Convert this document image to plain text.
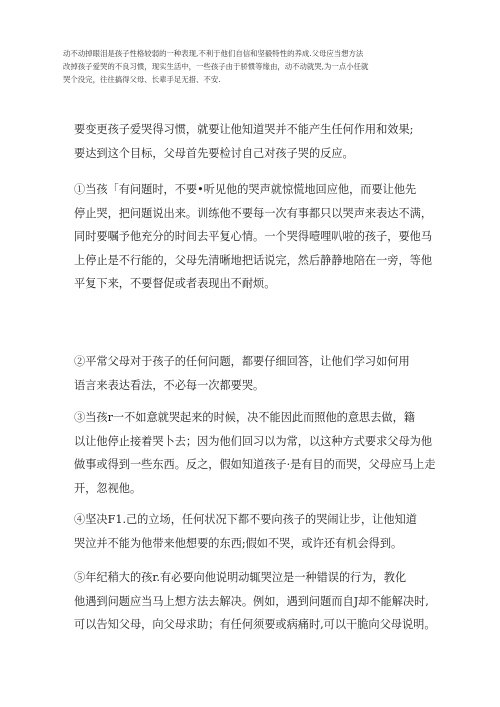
动不动掉眼泪是孩子性格较弱的一种表现,不利于他们自信和坚毅特性的养成.父母应当想方法
改掉孩子爱哭的不良习惯，现实生活中，一些孩子由于骄惯等缘由，动不动就哭,为一点小任就
哭个没完，往往搞得父母、长辈手足无措、不安.
要变更孩子爱哭得习惯，就要让他知道哭并不能产生任何作用和效果;
要达到这个目标，父母首先要检讨自己对孩子哭的反应。
①当孩「有问题时，不要•听见他的哭声就惊慌地回应他，而要让他先
停止哭，把问题说出来。训练他不要每一次有事都只以哭声来表达不满，
同时要嘱予他充分的时间去平复心情。一个哭得噎哩叭啦的孩子，要他马
上停止是不行能的，父母先清晰地把话说完，然后静静地陪在一旁，等他
平复下来，不要督促或者表现出不耐烦。
②平常父母对于孩子的任何问题，都要仔细回答，让他们学习如何用
语言来表达看法，不必每一次都要哭。
③当孩r一不如意就哭起来的时候，决不能因此而照他的意思去做，籍
以让他停止接着哭卜去；因为他们回习以为常，以这种方式要求父母为他
做事或得到一些东西。反之，假如知道孩子·是有目的而哭，父母应马上走
开，忽视他。
④坚决F1.己的立场，任何状况下都不要向孩子的哭闹让步，让他知道
哭泣并不能为他带来他想要的东西;假如不哭，或许还有机会得到。
⑤年纪稍大的孩r.有必要向他说明动辄哭泣是一种错误的行为，教化
他遇到问题应当马上想方法去解决。例如，遇到问题而自J却不能解决时,
可以告知父母，向父母求助；有任何须要或病痛时,可以干脆向父母说明。
